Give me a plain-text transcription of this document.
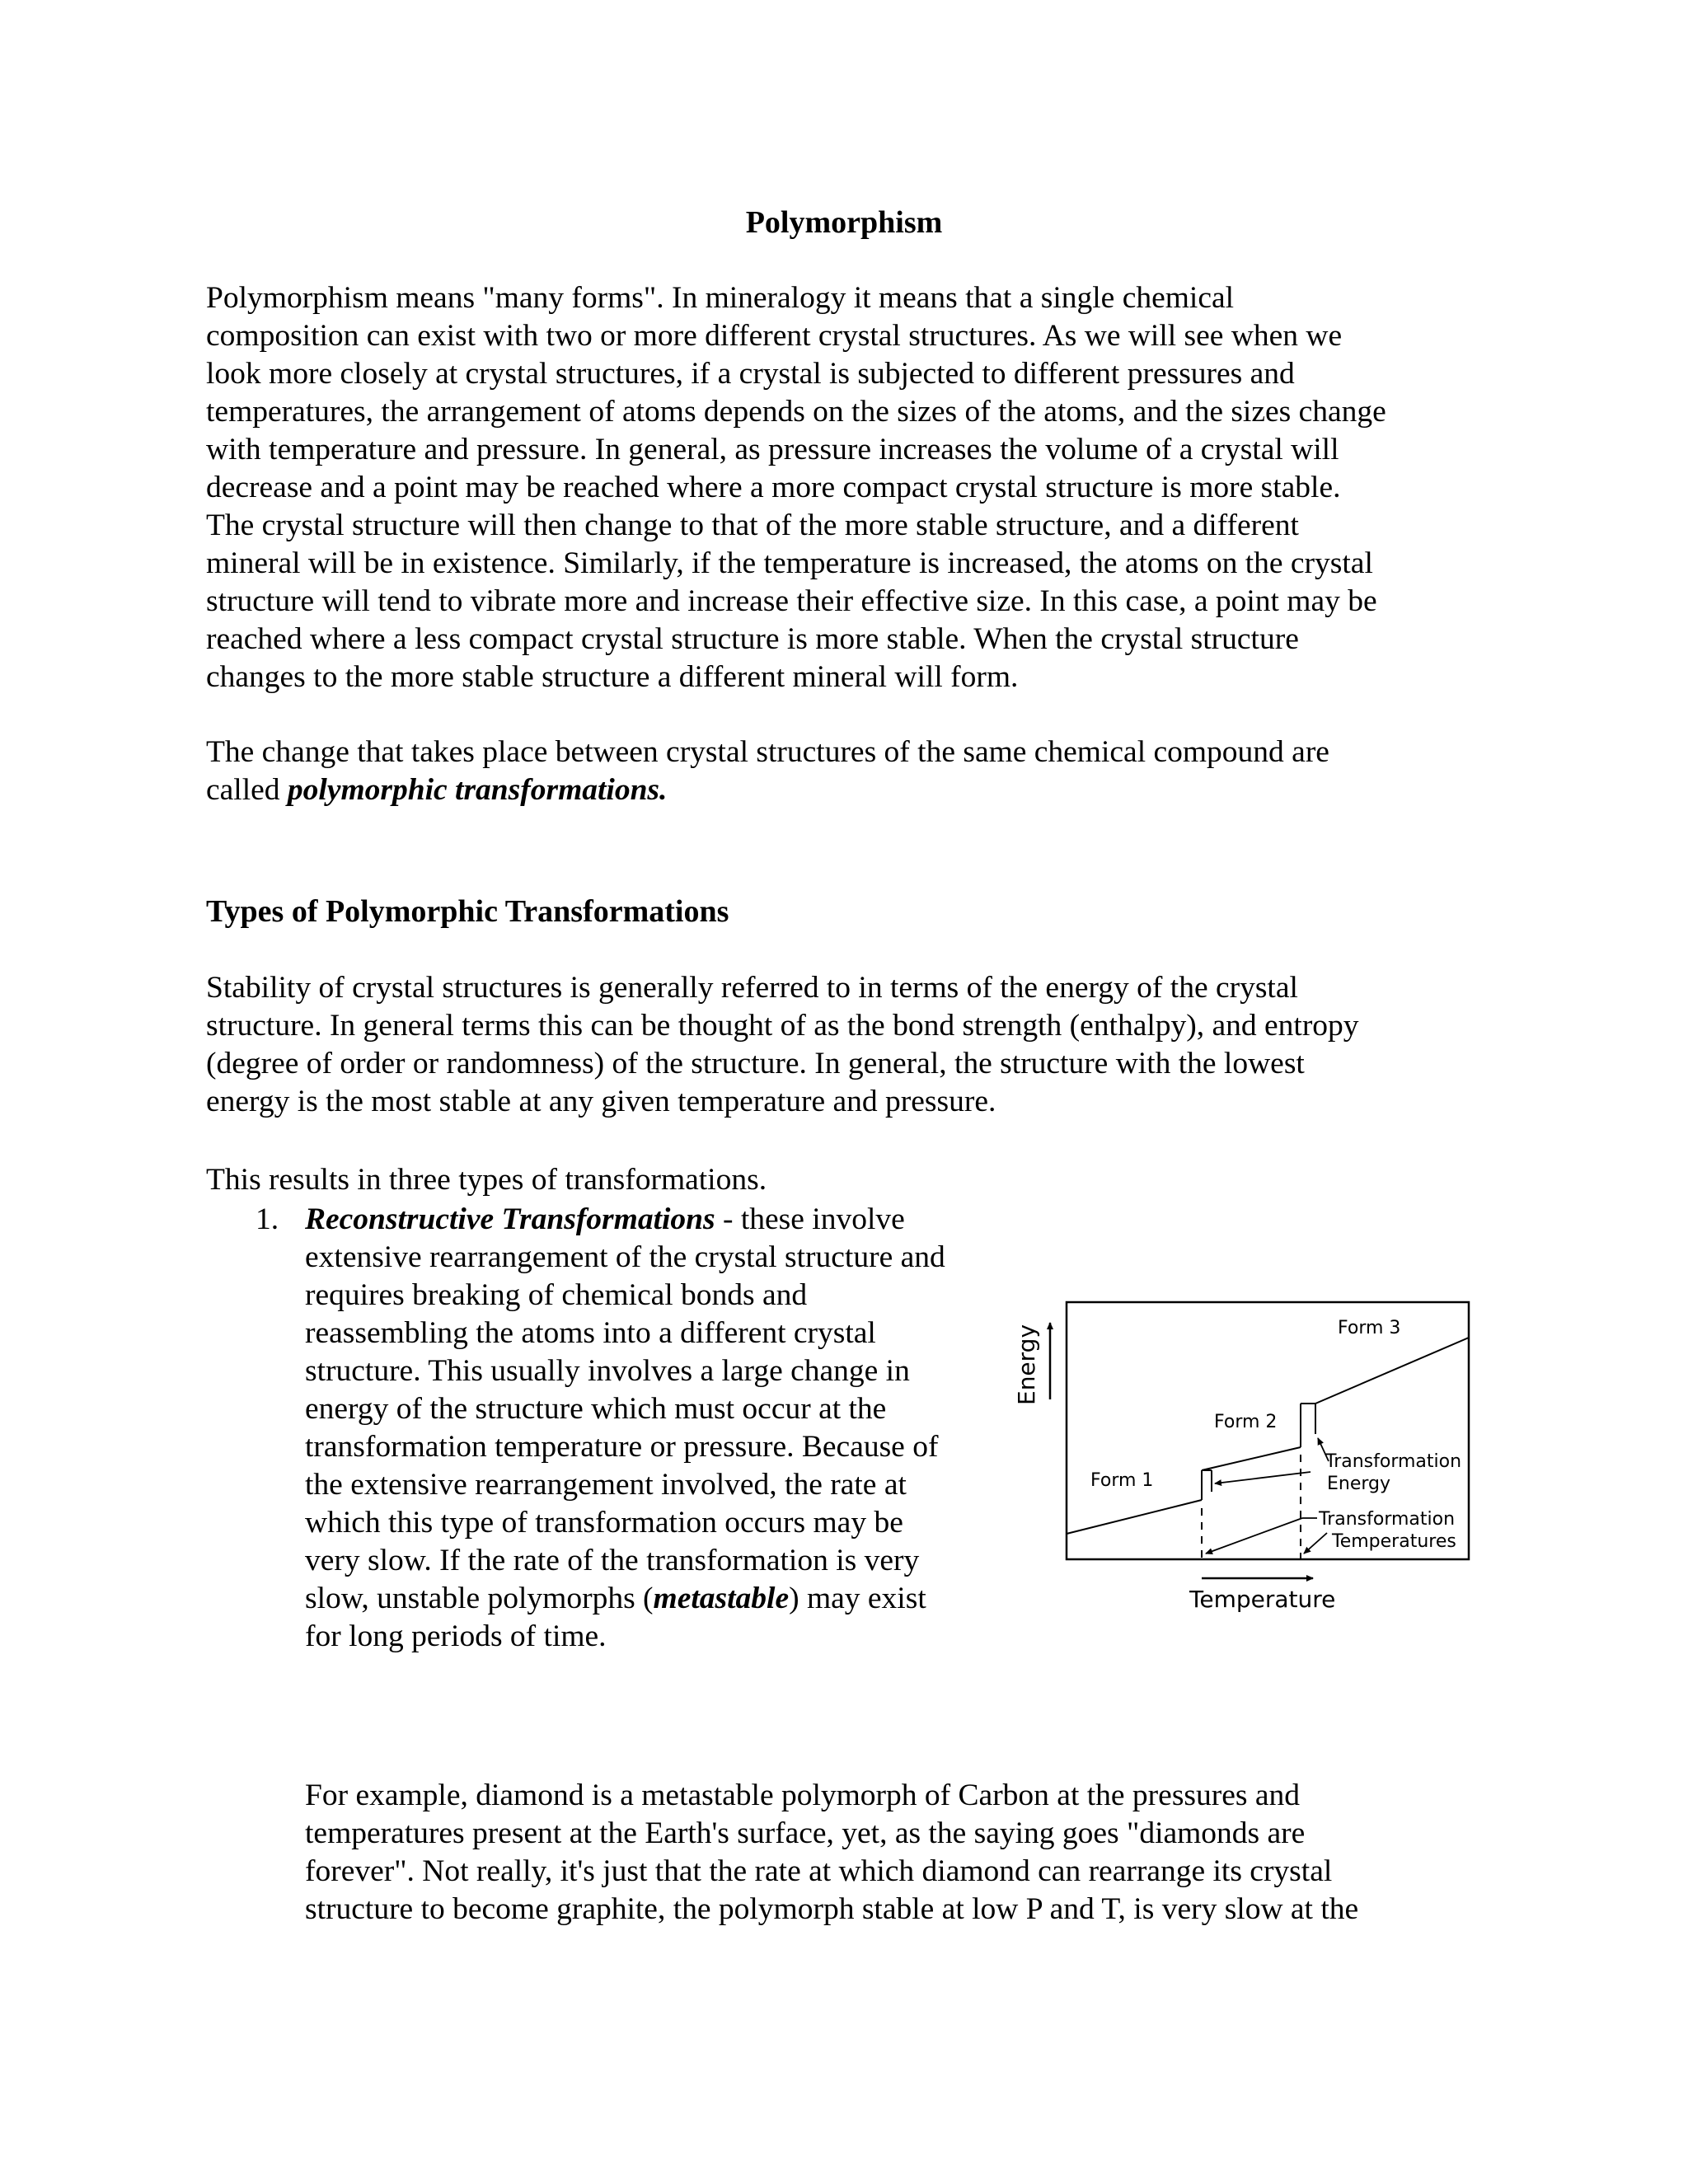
Polymorphism
Polymorphism means "many forms". In mineralogy it means that a single chemical
composition can exist with two or more different crystal structures. As we will see when we
look more closely at crystal structures, if a crystal is subjected to different pressures and
temperatures, the arrangement of atoms depends on the sizes of the atoms, and the sizes change
with temperature and pressure. In general, as pressure increases the volume of a crystal will
decrease and a point may be reached where a more compact crystal structure is more stable.
The crystal structure will then change to that of the more stable structure, and a different
mineral will be in existence. Similarly, if the temperature is increased, the atoms on the crystal
structure will tend to vibrate more and increase their effective size. In this case, a point may be
reached where a less compact crystal structure is more stable. When the crystal structure
changes to the more stable structure a different mineral will form.
The change that takes place between crystal structures of the same chemical compound are
called polymorphic transformations.
Types of Polymorphic Transformations
Stability of crystal structures is generally referred to in terms of the energy of the crystal
structure. In general terms this can be thought of as the bond strength (enthalpy), and entropy
(degree of order or randomness) of the structure. In general, the structure with the lowest
energy is the most stable at any given temperature and pressure.
This results in three types of transformations.
1. Reconstructive Transformations - these involve
extensive rearrangement of the crystal structure and
requires breaking of chemical bonds and
reassembling the atoms into a different crystal
structure. This usually involves a large change in
energy of the structure which must occur at the
transformation temperature or pressure. Because of
the extensive rearrangement involved, the rate at
which this type of transformation occurs may be
very slow. If the rate of the transformation is very
slow, unstable polymorphs (metastable) may exist
for long periods of time.
Energy
Temperature
Form 3
Form 2
Form 1
Transformation
Energy
Transformation
Temperatures
For example, diamond is a metastable polymorph of Carbon at the pressures and
temperatures present at the Earth's surface, yet, as the saying goes "diamonds are
forever". Not really, it's just that the rate at which diamond can rearrange its crystal
structure to become graphite, the polymorph stable at low P and T, is very slow at the
